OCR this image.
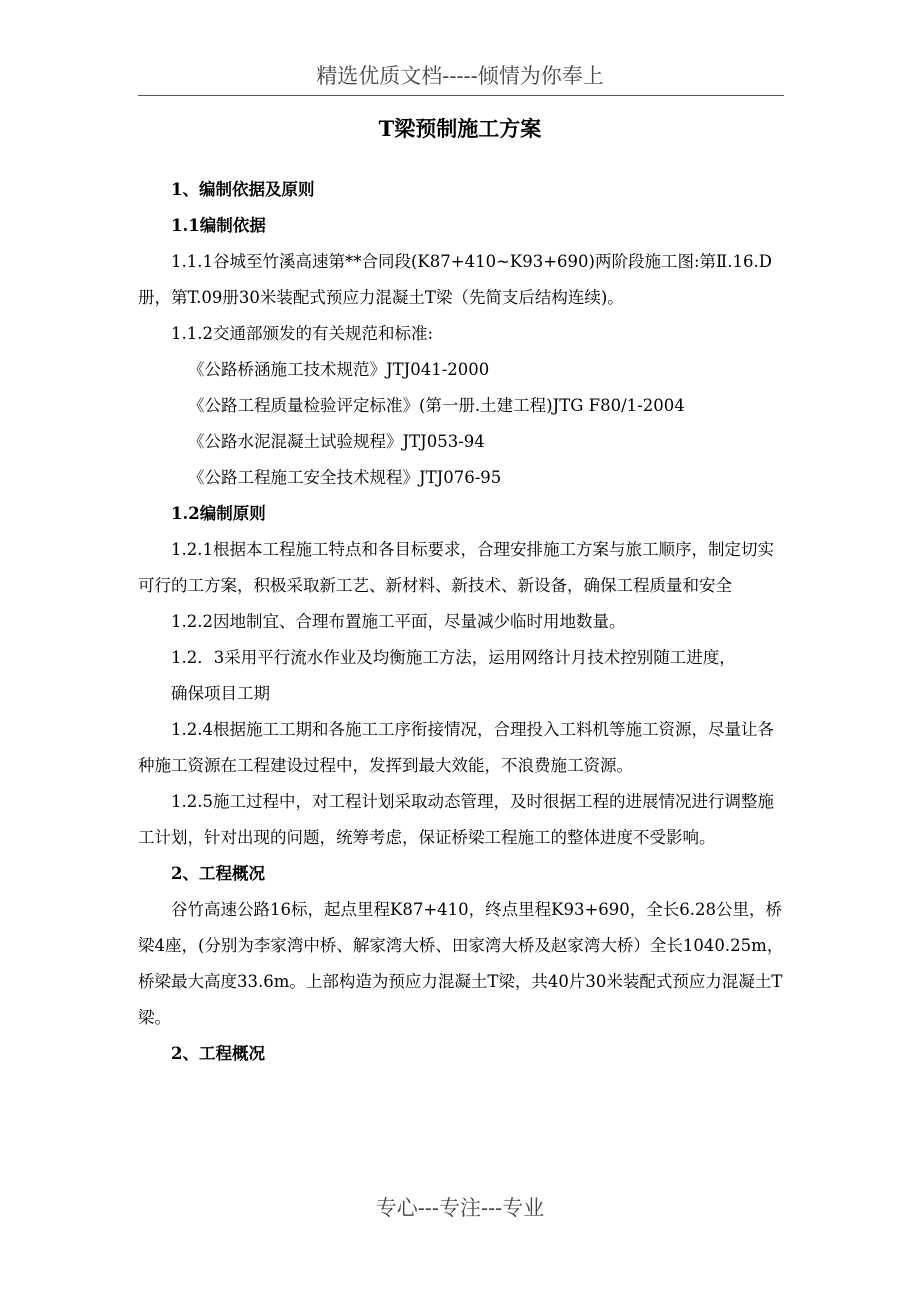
精选优质文档-----倾情为你奉上
T梁预制施工方案

1、编制依据及原则

1.1编制依据

1.1.1谷城至竹溪高速第**合同段(K87+410~K93+690)两阶段施工图:第Ⅱ.16.D册，第T.09册30米装配式预应力混凝土T梁（先简支后结构连续)。

1.1.2交通部颁发的有关规范和标准:

《公路桥涵施工技术规范》JTJ041-2000

《公路工程质量检验评定标准》(第一册.土建工程)JTG F80/1-2004

《公路水泥混凝土试验规程》JTJ053-94

《公路工程施工安全技术规程》JTJ076-95

1.2编制原则

1.2.1根据本工程施工特点和各目标要求，合理安排施工方案与旅工顺序，制定切实可行的工方案，积极采取新工艺、新材料、新技术、新设备，确保工程质量和安全

1.2.2因地制宜、合理布置施工平面，尽量减少临时用地数量。

1.2．3采用平行流水作业及均衡施工方法，运用网络计月技术控别随工进度，

确保项目工期

1.2.4根据施工工期和各施工工序衔接情况，合理投入工料机等施工资源，尽量让各种施工资源在工程建设过程中，发挥到最大效能，不浪费施工资源。

1.2.5施工过程中，对工程计划采取动态管理，及时很据工程的进展情况进行调整施工计划，针对出现的问题，统筹考虑，保证桥梁工程施工的整体进度不受影响。

2、工程概况

谷竹高速公路16标，起点里程K87+410，终点里程K93+690，全长6.28公里，桥梁4座，(分别为李家湾中桥、解家湾大桥、田家湾大桥及赵家湾大桥）全长1040.25m，桥梁最大高度33.6m。上部构造为预应力混凝土T梁，共40片30米装配式预应力混凝土T梁。

2、工程概况

专心---专注---专业
